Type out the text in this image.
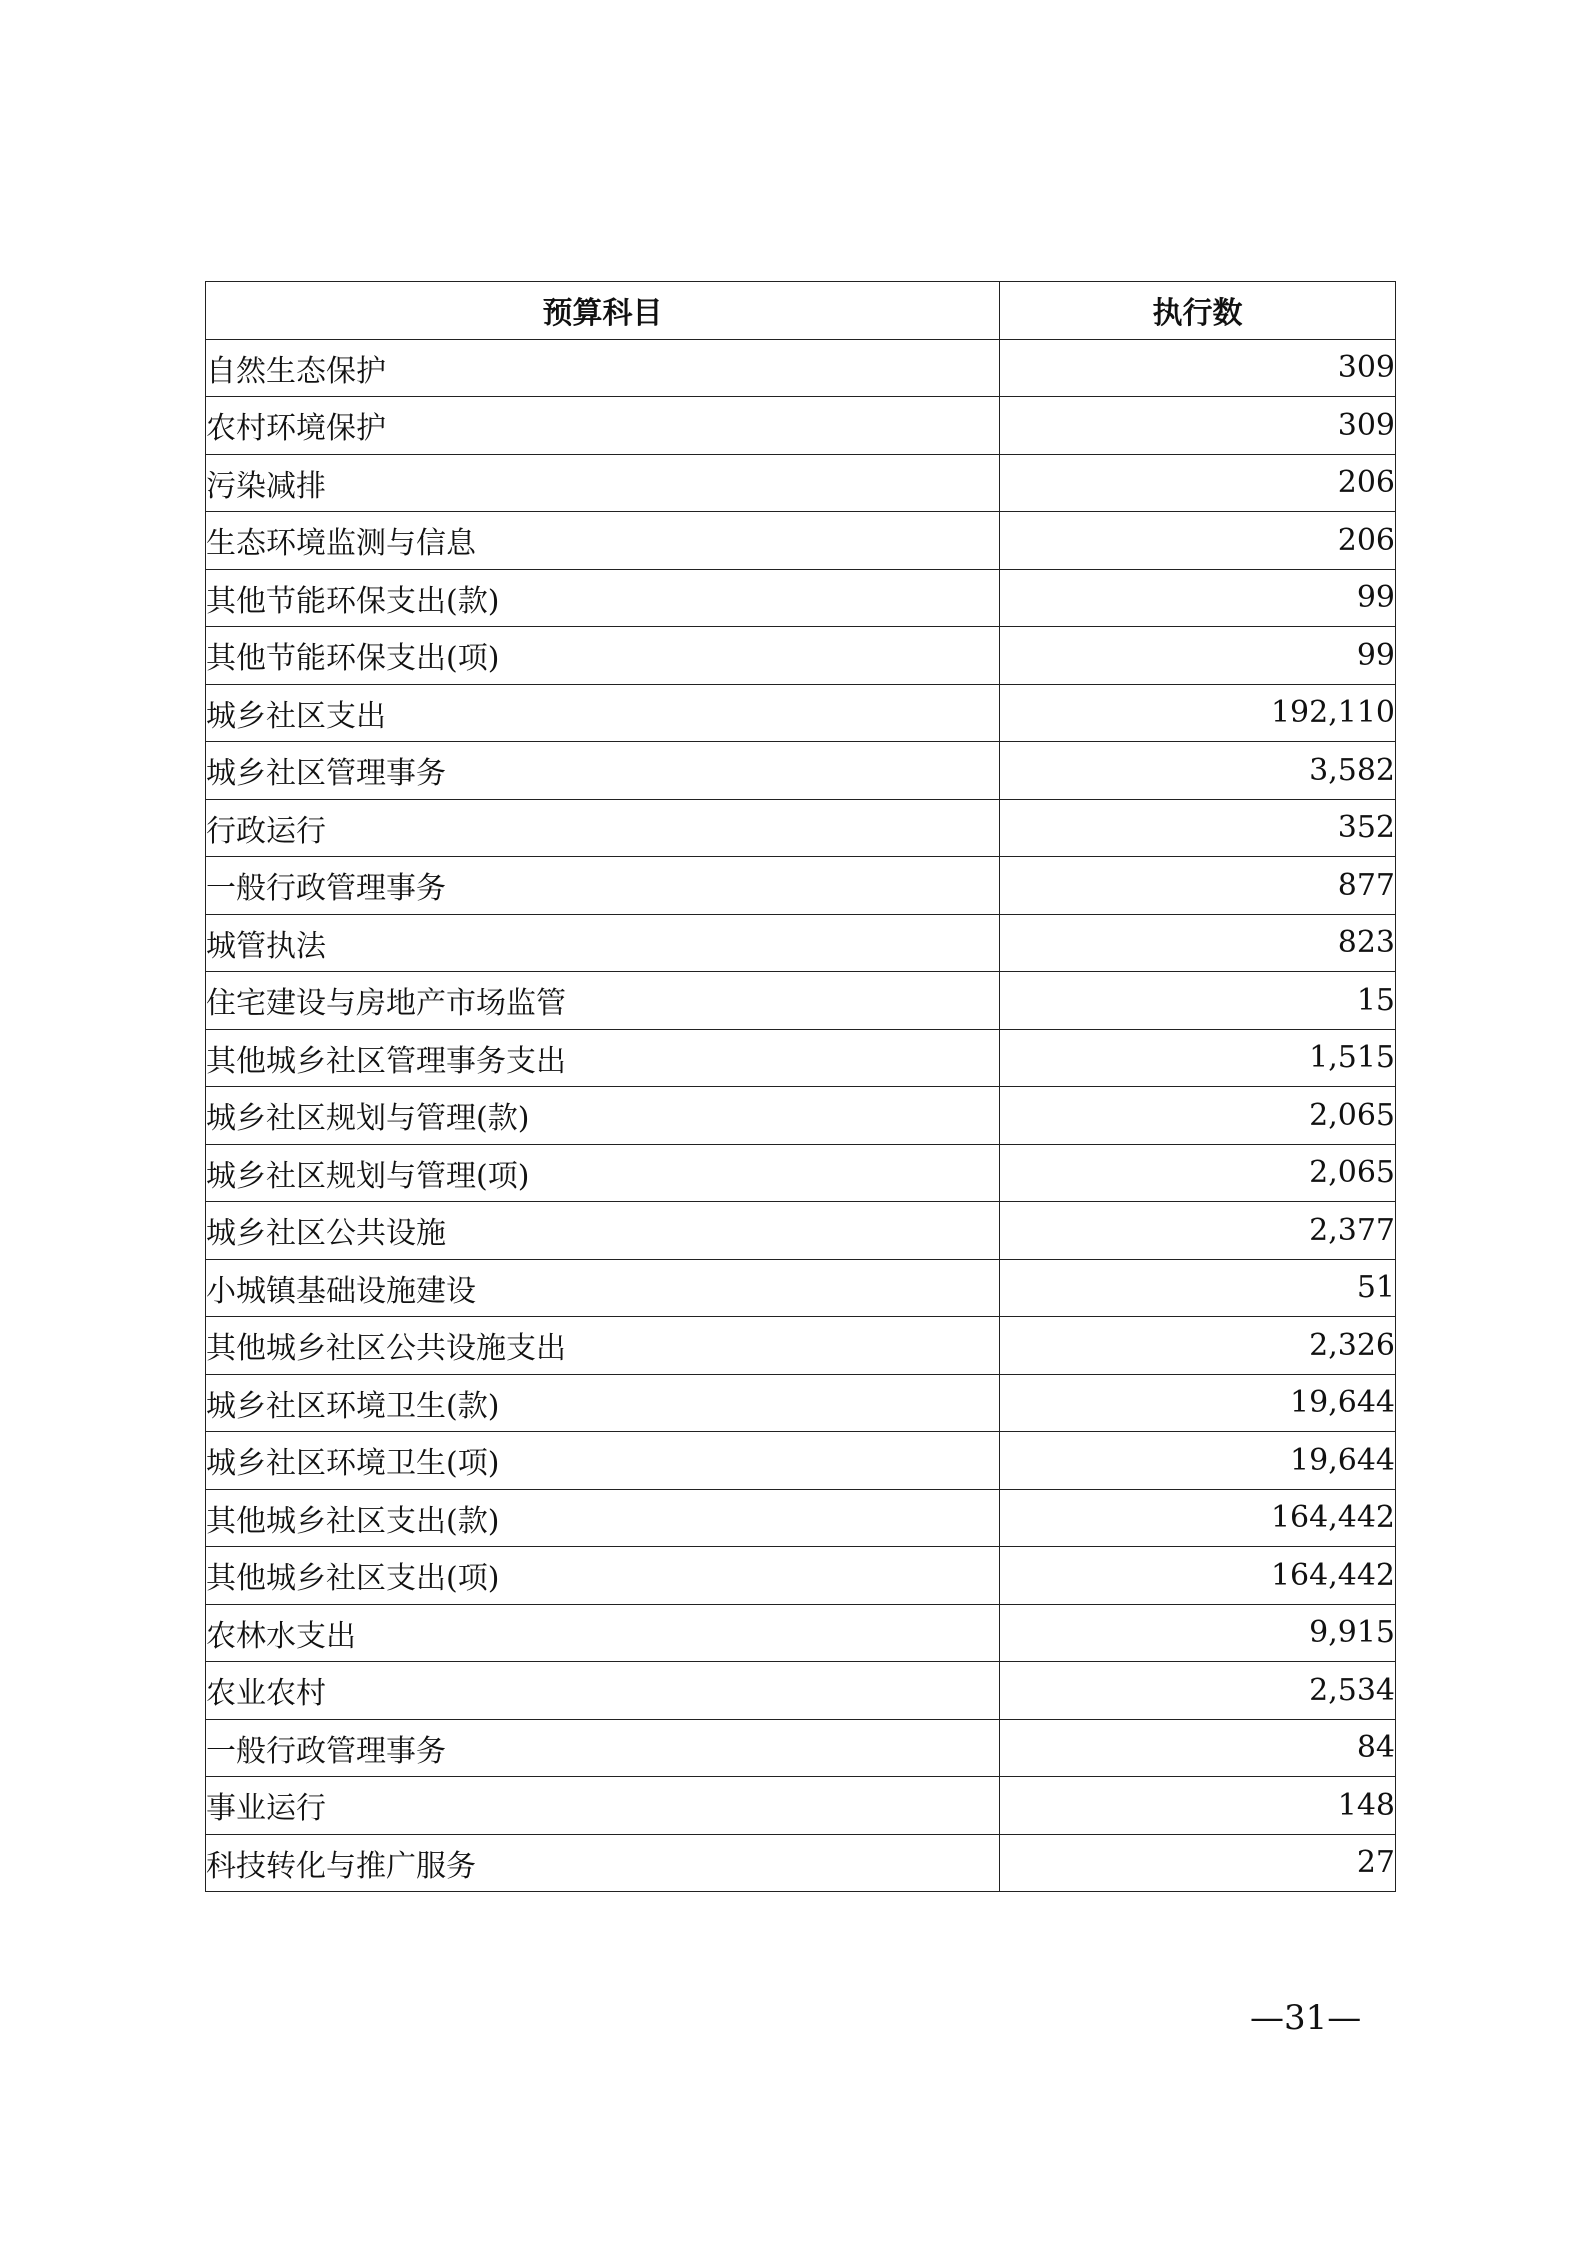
预算科目	执行数
自然生态保护	309
农村环境保护	309
污染减排	206
生态环境监测与信息	206
其他节能环保支出(款)	99
其他节能环保支出(项)	99
城乡社区支出	192,110
城乡社区管理事务	3,582
行政运行	352
一般行政管理事务	877
城管执法	823
住宅建设与房地产市场监管	15
其他城乡社区管理事务支出	1,515
城乡社区规划与管理(款)	2,065
城乡社区规划与管理(项)	2,065
城乡社区公共设施	2,377
小城镇基础设施建设	51
其他城乡社区公共设施支出	2,326
城乡社区环境卫生(款)	19,644
城乡社区环境卫生(项)	19,644
其他城乡社区支出(款)	164,442
其他城乡社区支出(项)	164,442
农林水支出	9,915
农业农村	2,534
一般行政管理事务	84
事业运行	148
科技转化与推广服务	27
—31—
